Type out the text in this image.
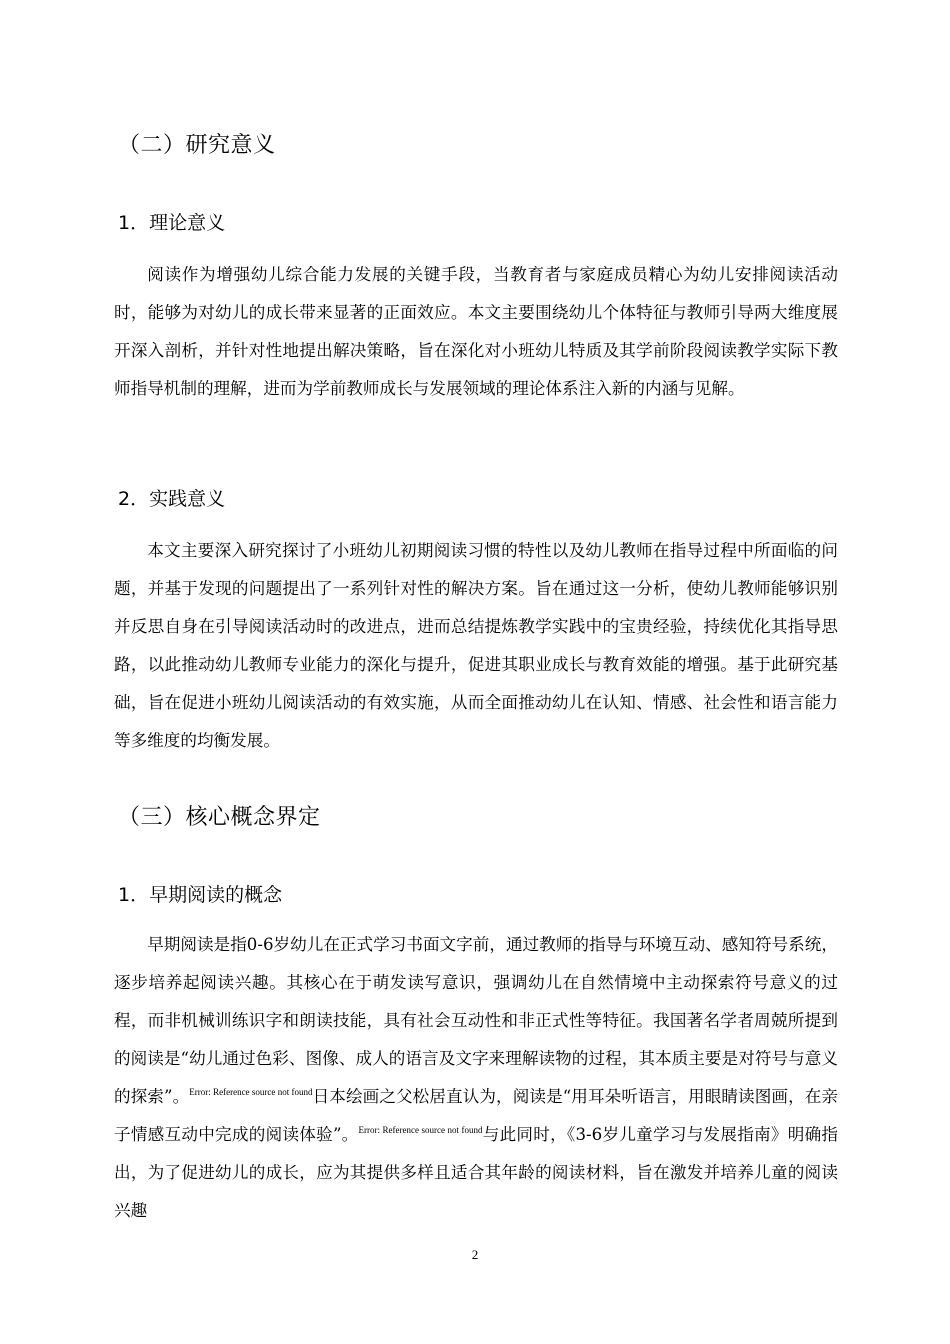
（二）研究意义
1．理论意义

阅读作为增强幼儿综合能力发展的关键手段，当教育者与家庭成员精心为幼儿安排阅读活动时，能够为对幼儿的成长带来显著的正面效应。本文主要围绕幼儿个体特征与教师引导两大维度展开深入剖析，并针对性地提出解决策略，旨在深化对小班幼儿特质及其学前阶段阅读教学实际下教师指导机制的理解，进而为学前教师成长与发展领域的理论体系注入新的内涵与见解。

2．实践意义

本文主要深入研究探讨了小班幼儿初期阅读习惯的特性以及幼儿教师在指导过程中所面临的问题，并基于发现的问题提出了一系列针对性的解决方案。旨在通过这一分析，使幼儿教师能够识别并反思自身在引导阅读活动时的改进点，进而总结提炼教学实践中的宝贵经验，持续优化其指导思路，以此推动幼儿教师专业能力的深化与提升，促进其职业成长与教育效能的增强。基于此研究基础，旨在促进小班幼儿阅读活动的有效实施，从而全面推动幼儿在认知、情感、社会性和语言能力等多维度的均衡发展。

（三）核心概念界定
1．早期阅读的概念

早期阅读是指0-6岁幼儿在正式学习书面文字前，通过教师的指导与环境互动、感知符号系统，逐步培养起阅读兴趣。其核心在于萌发读写意识，强调幼儿在自然情境中主动探索符号意义的过程，而非机械训练识字和朗读技能，具有社会互动性和非正式性等特征。我国著名学者周兢所提到的阅读是“幼儿通过色彩、图像、成人的语言及文字来理解读物的过程，其本质主要是对符号与意义的探索”。$^{Error: Reference source not found}$日本绘画之父松居直认为，阅读是“用耳朵听语言，用眼睛读图画，在亲子情感互动中完成的阅读体验”。$^{Error: Reference source not found}$与此同时，《3-6岁儿童学习与发展指南》明确指出，为了促进幼儿的成长，应为其提供多样且适合其年龄的阅读材料，旨在激发并培养儿童的阅读兴趣

2
